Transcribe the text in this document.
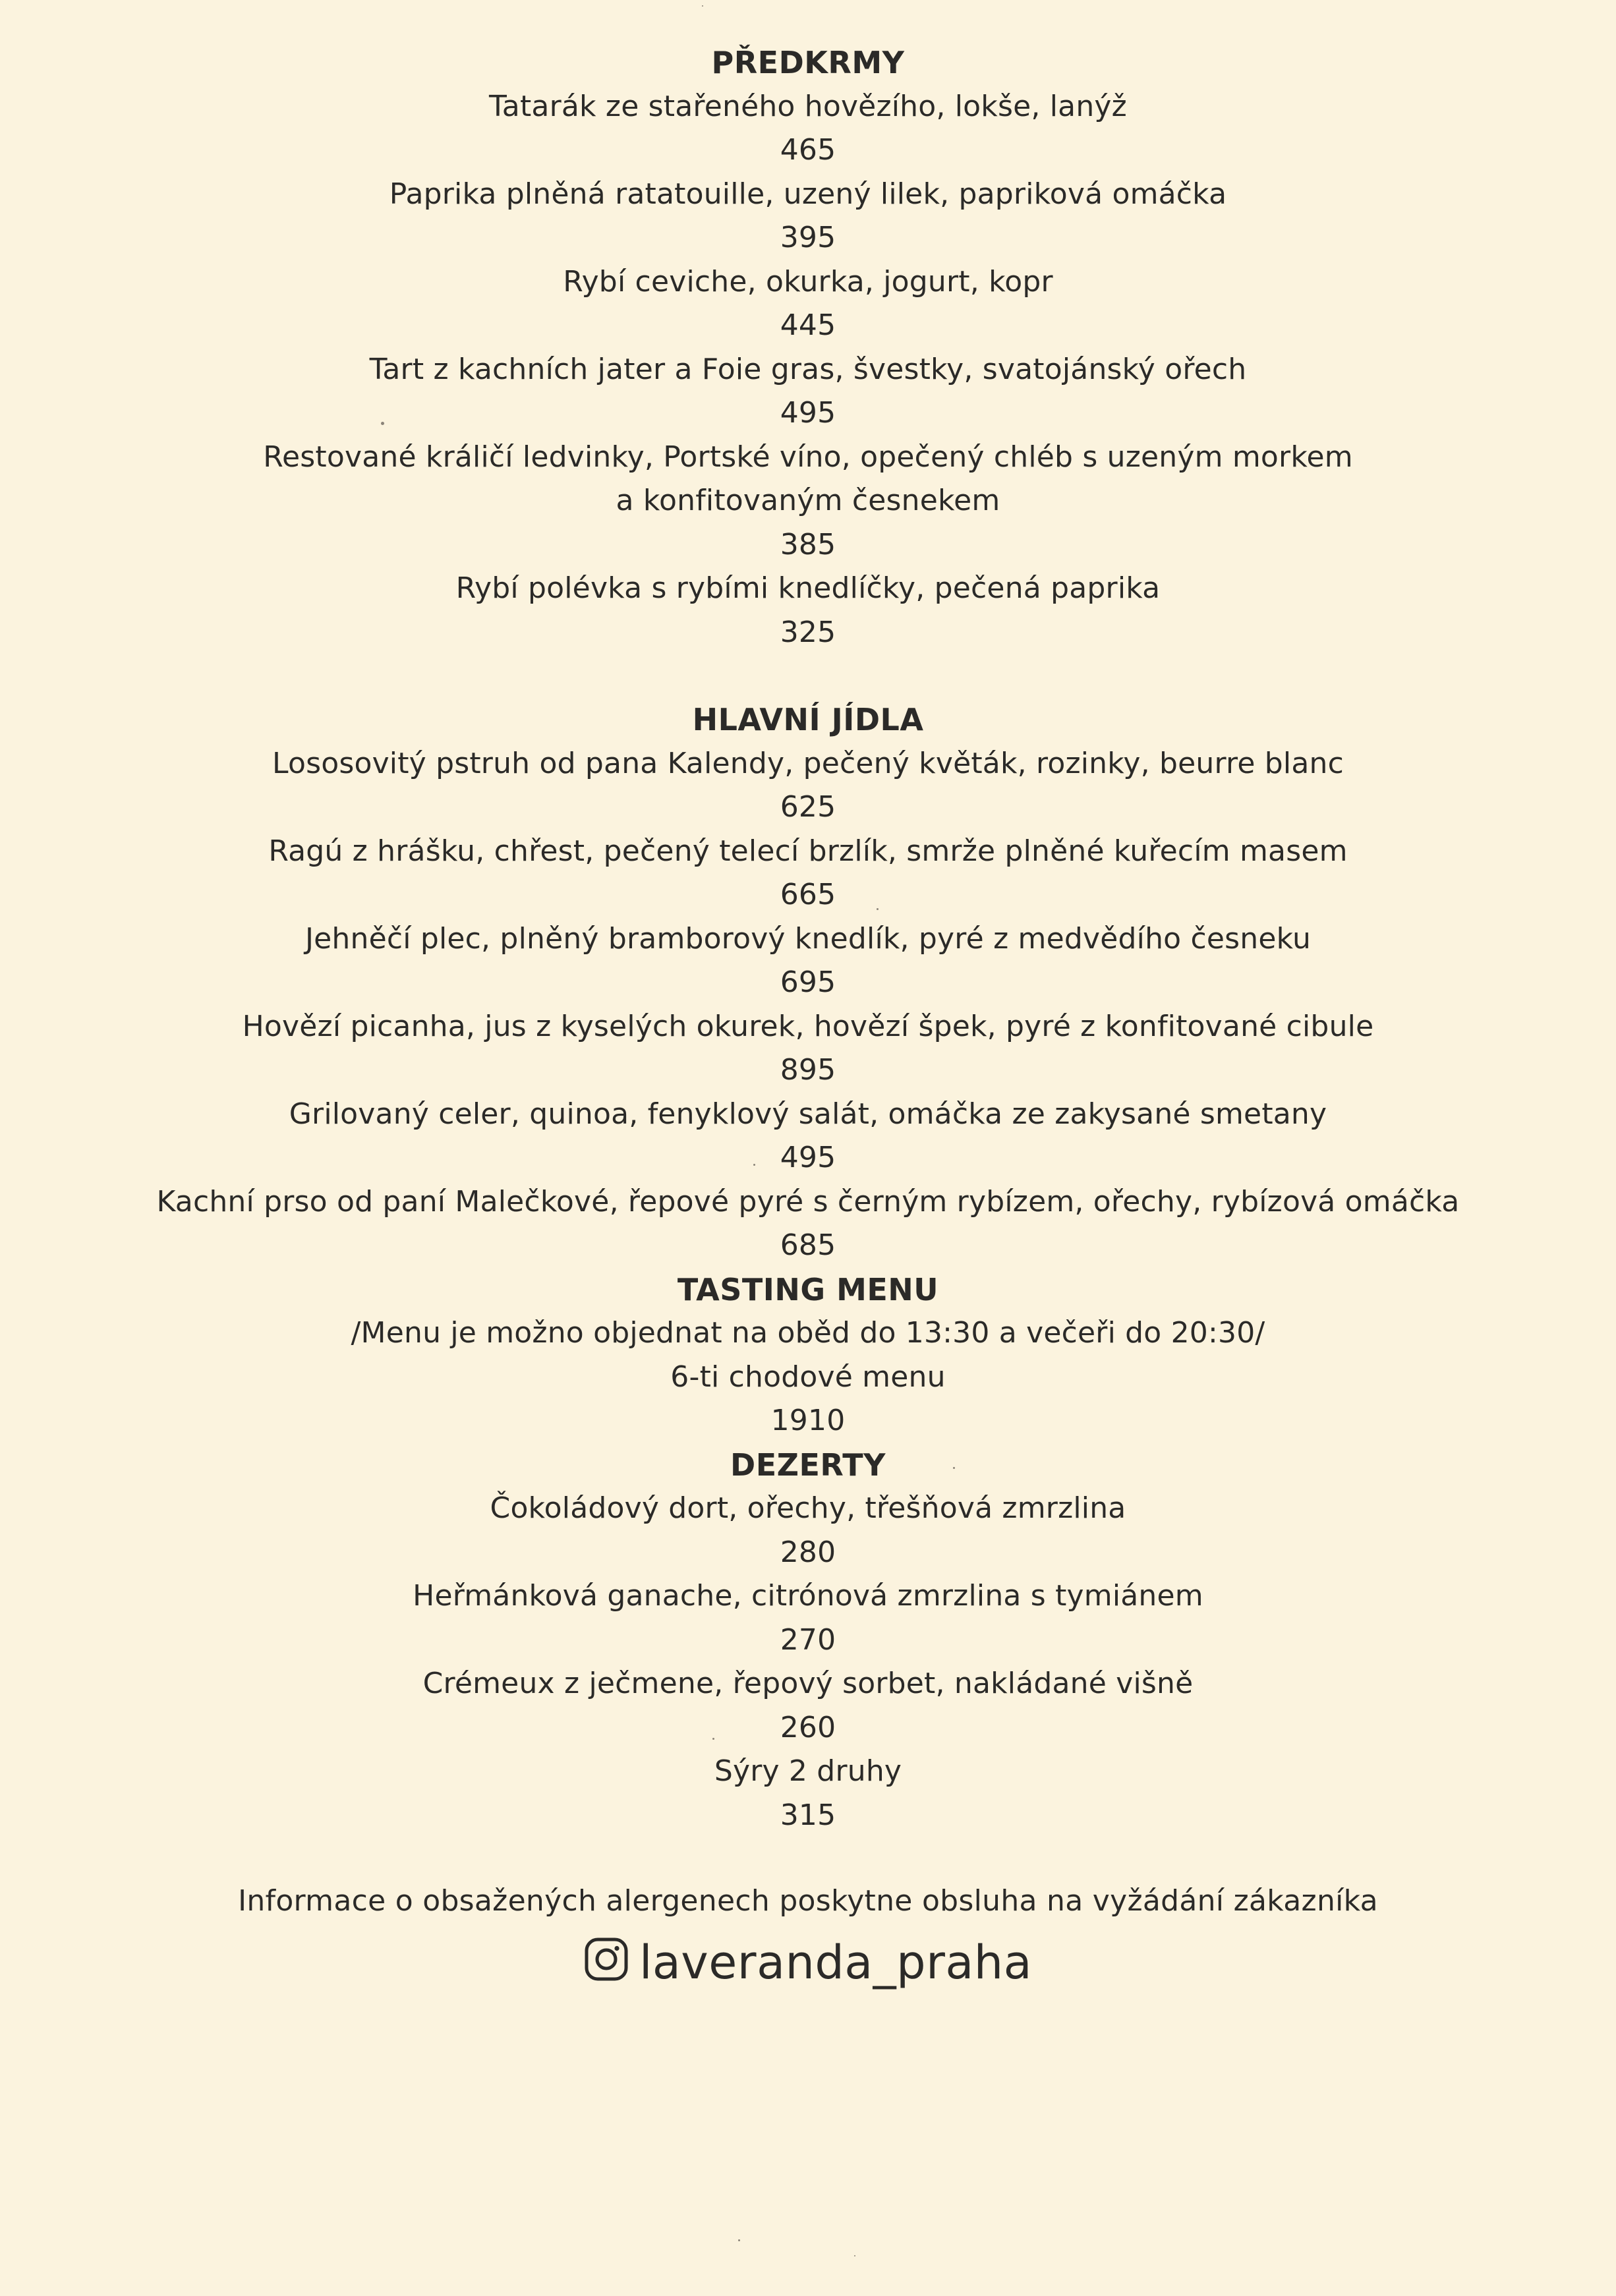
PŘEDKRMY
Tatarák ze stařeného hovězího, lokše, lanýž
465
Paprika plněná ratatouille, uzený lilek, papriková omáčka
395
Rybí ceviche, okurka, jogurt, kopr
445
Tart z kachních jater a Foie gras, švestky, svatojánský ořech
495
Restované králičí ledvinky, Portské víno, opečený chléb s uzeným morkem
a konfitovaným česnekem
385
Rybí polévka s rybími knedlíčky, pečená paprika
325
HLAVNÍ JÍDLA
Lososovitý pstruh od pana Kalendy, pečený květák, rozinky, beurre blanc
625
Ragú z hrášku, chřest, pečený telecí brzlík, smrže plněné kuřecím masem
665
Jehněčí plec, plněný bramborový knedlík, pyré z medvědího česneku
695
Hovězí picanha, jus z kyselých okurek, hovězí špek, pyré z konfitované cibule
895
Grilovaný celer, quinoa, fenyklový salát, omáčka ze zakysané smetany
495
Kachní prso od paní Malečkové, řepové pyré s černým rybízem, ořechy, rybízová omáčka
685
TASTING MENU
/Menu je možno objednat na oběd do 13:30 a večeři do 20:30/
6-ti chodové menu
1910
DEZERTY
Čokoládový dort, ořechy, třešňová zmrzlina
280
Heřmánková ganache, citrónová zmrzlina s tymiánem
270
Crémeux z ječmene, řepový sorbet, nakládané višně
260
Sýry 2 druhy
315
Informace o obsažených alergenech poskytne obsluha na vyžádání zákazníka
laveranda_praha
